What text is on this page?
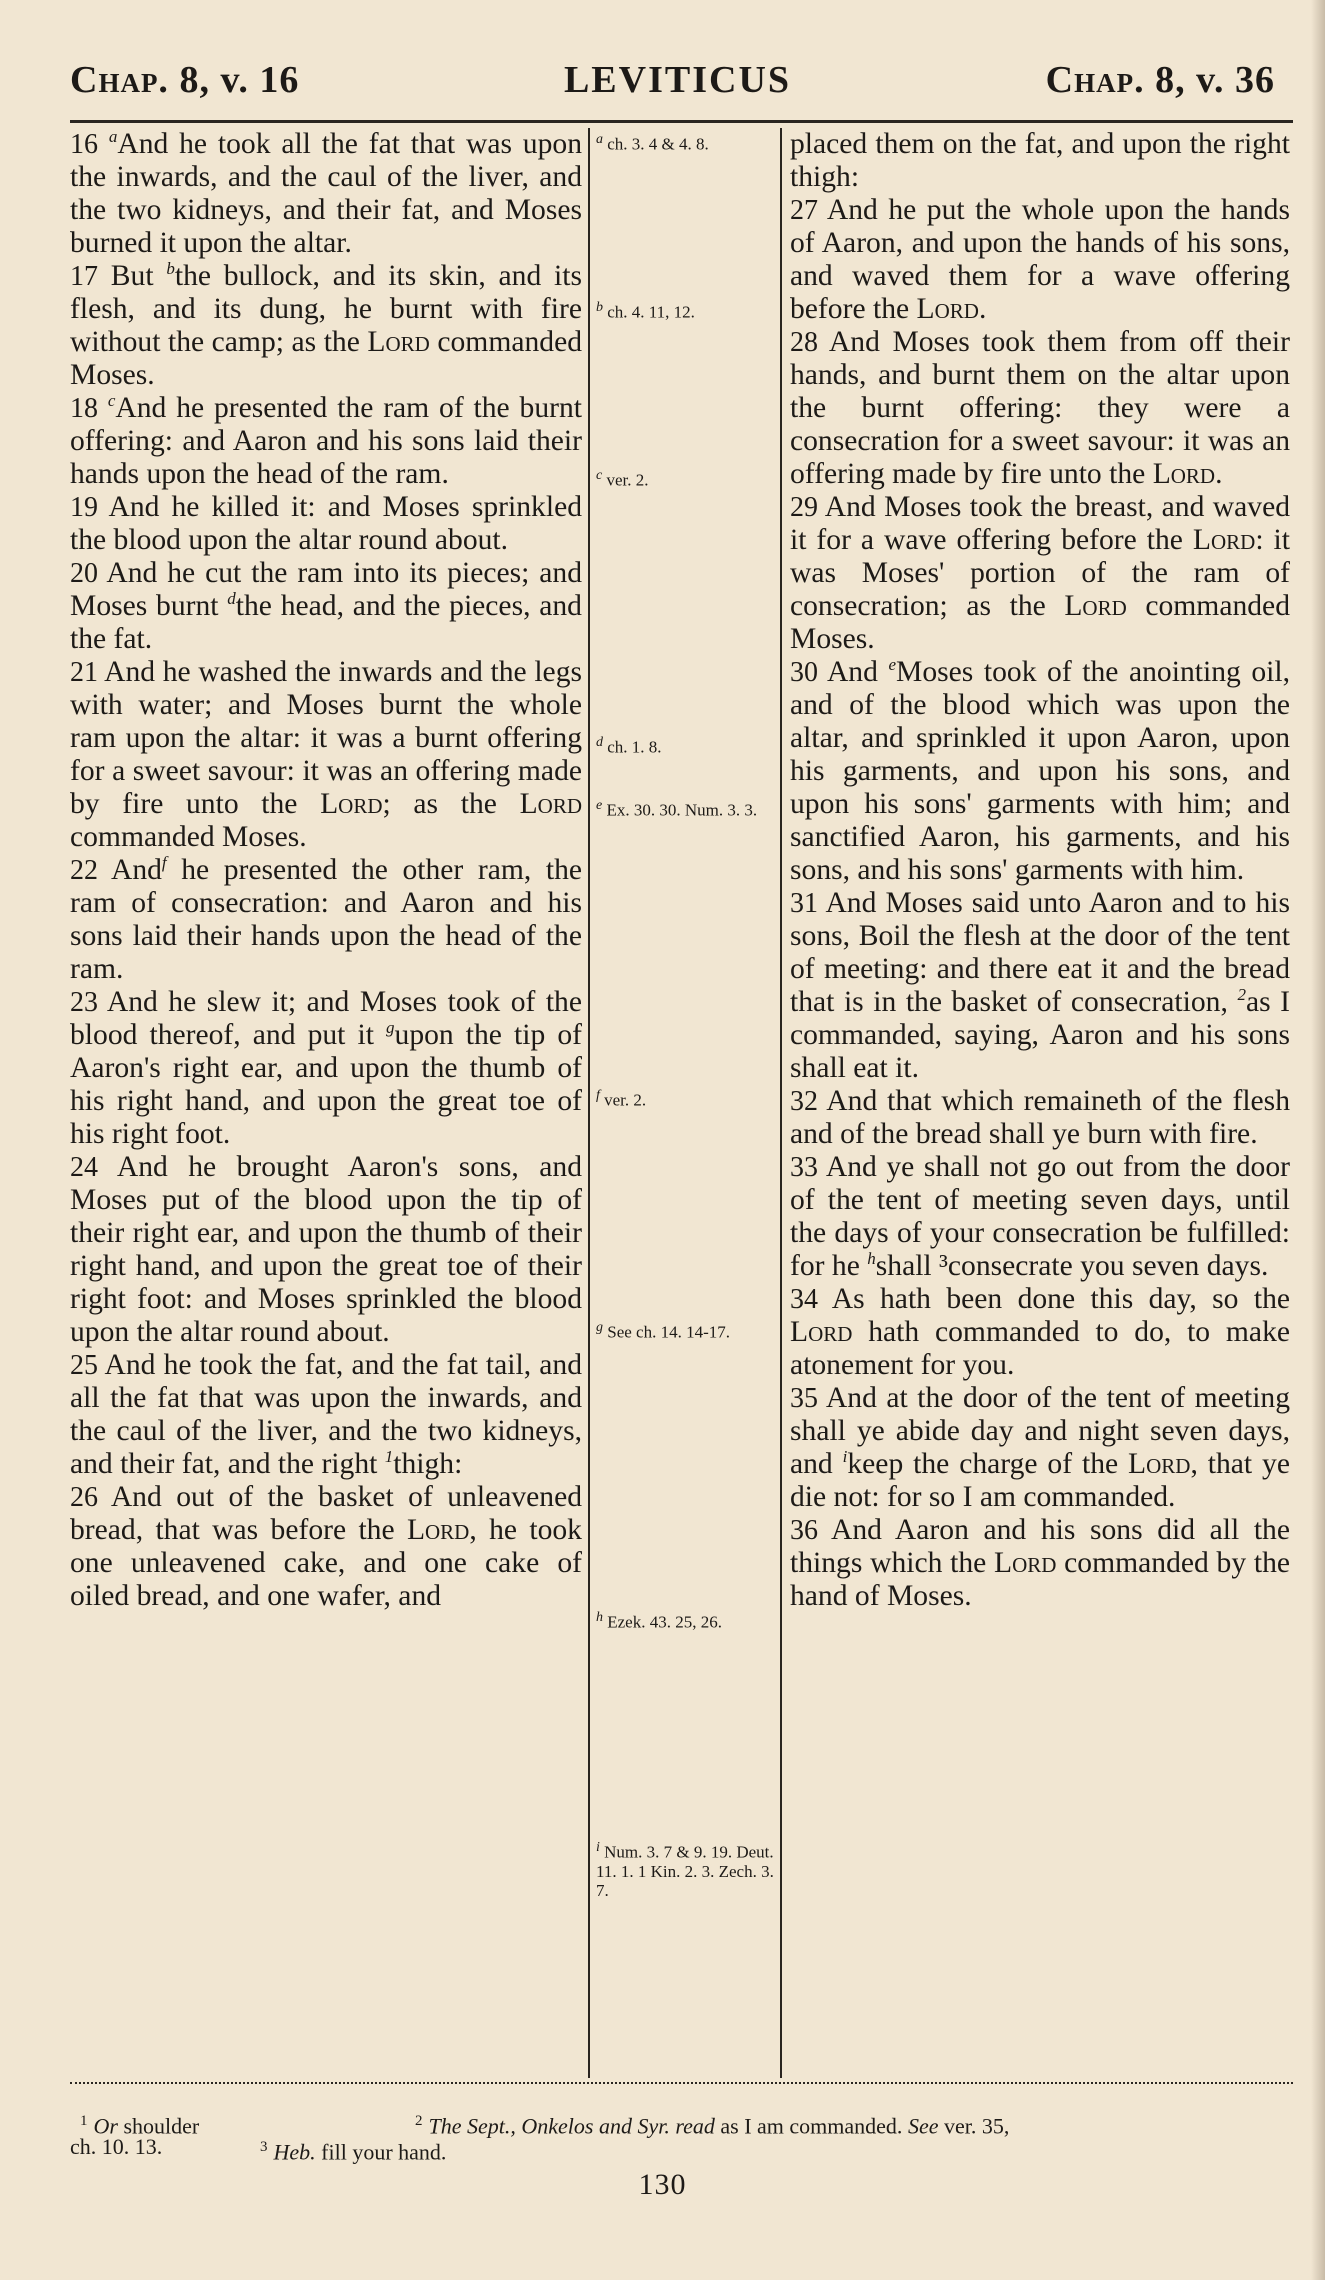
Chap. 8, v. 16	LEVITICUS	Chap. 8, v. 36

16 $^a$And he took all the fat that was upon the inwards, and the caul of the liver, and the two kidneys, and their fat, and Moses burned it upon the altar.

17 But $^b$the bullock, and its skin, and its flesh, and its dung, he burnt with fire without the camp; as the Lord commanded Moses.

18 $^c$And he presented the ram of the burnt offering: and Aaron and his sons laid their hands upon the head of the ram.

19 And he killed it: and Moses sprinkled the blood upon the altar round about.

20 And he cut the ram into its pieces; and Moses burnt $^d$the head, and the pieces, and the fat.

21 And he washed the inwards and the legs with water; and Moses burnt the whole ram upon the altar: it was a burnt offering for a sweet savour: it was an offering made by fire unto the Lord; as the Lord commanded Moses.

22 And$^f$ he presented the other ram, the ram of consecration: and Aaron and his sons laid their hands upon the head of the ram.

23 And he slew it; and Moses took of the blood thereof, and put it $^g$upon the tip of Aaron's right ear, and upon the thumb of his right hand, and upon the great toe of his right foot.

24 And he brought Aaron's sons, and Moses put of the blood upon the tip of their right ear, and upon the thumb of their right hand, and upon the great toe of their right foot: and Moses sprinkled the blood upon the altar round about.

25 And he took the fat, and the fat tail, and all the fat that was upon the inwards, and the caul of the liver, and the two kidneys, and their fat, and the right $^1$thigh:

26 And out of the basket of unleavened bread, that was before the Lord, he took one unleavened cake, and one cake of oiled bread, and one wafer, and

$^a$ ch. 3. 4 & 4. 8.
$^b$ ch. 4. 11, 12.
$^c$ ver. 2.
$^d$ ch. 1. 8.
$^e$ Ex. 30. 30. Num. 3. 3.
$^f$ ver. 2.
$^g$ See ch. 14. 14-17.
$^h$ Ezek. 43. 25, 26.
$^i$ Num. 3. 7 & 9. 19. Deut. 11. 1. 1 Kin. 2. 3. Zech. 3. 7.

placed them on the fat, and upon the right thigh:

27 And he put the whole upon the hands of Aaron, and upon the hands of his sons, and waved them for a wave offering before the Lord.

28 And Moses took them from off their hands, and burnt them on the altar upon the burnt offering: they were a consecration for a sweet savour: it was an offering made by fire unto the Lord.

29 And Moses took the breast, and waved it for a wave offering before the Lord: it was Moses' portion of the ram of consecration; as the Lord commanded Moses.

30 And $^e$Moses took of the anointing oil, and of the blood which was upon the altar, and sprinkled it upon Aaron, upon his garments, and upon his sons, and upon his sons' garments with him; and sanctified Aaron, his garments, and his sons, and his sons' garments with him.

31 And Moses said unto Aaron and to his sons, Boil the flesh at the door of the tent of meeting: and there eat it and the bread that is in the basket of consecration, $^2$as I commanded, saying, Aaron and his sons shall eat it.

32 And that which remaineth of the flesh and of the bread shall ye burn with fire.

33 And ye shall not go out from the door of the tent of meeting seven days, until the days of your consecration be fulfilled: for he $^h$shall ³consecrate you seven days.

34 As hath been done this day, so the Lord hath commanded to do, to make atonement for you.

35 And at the door of the tent of meeting shall ye abide day and night seven days, and $^i$keep the charge of the Lord, that ye die not: for so I am commanded.

36 And Aaron and his sons did all the things which the Lord commanded by the hand of Moses.

$^1$ Or shoulder	$^2$ The Sept., Onkelos and Syr. read as I am commanded. See ver. 35,
ch. 10. 13.	$^3$ Heb. fill your hand.
130
